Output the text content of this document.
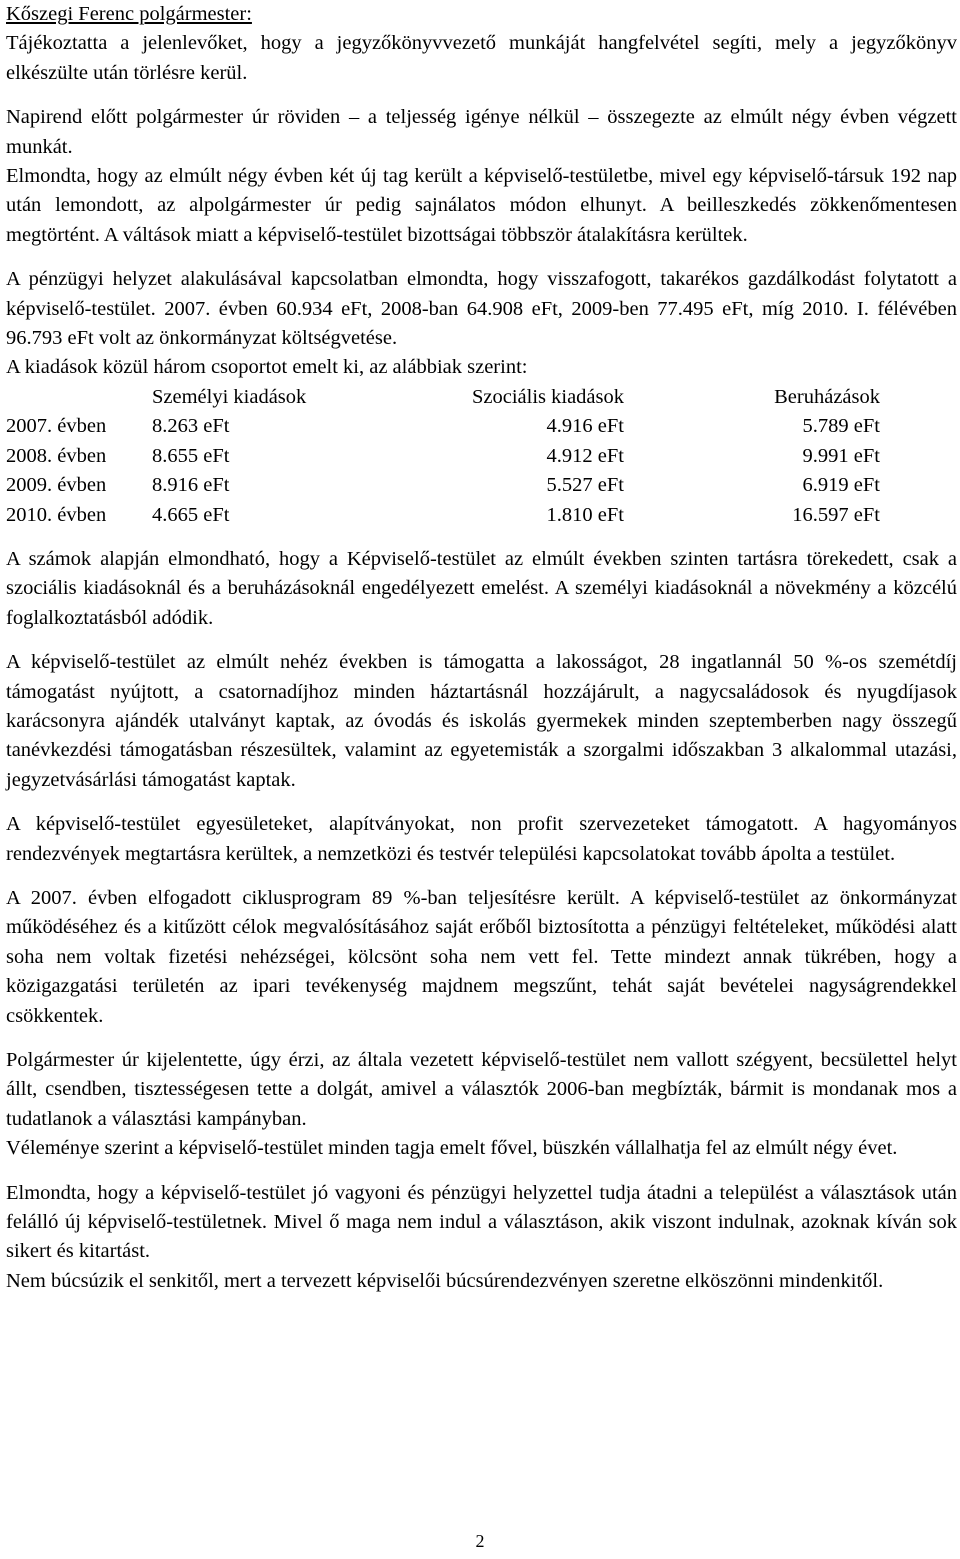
Kőszegi Ferenc polgármester:

Tájékoztatta a jelenlevőket, hogy a jegyzőkönyvvezető munkáját hangfelvétel segíti, mely a jegyzőkönyv elkészülte után törlésre kerül.

Napirend előtt polgármester úr röviden – a teljesség igénye nélkül – összegezte az elmúlt négy évben végzett munkát.

Elmondta, hogy az elmúlt négy évben két új tag került a képviselő-testületbe, mivel egy képviselő-társuk 192 nap után lemondott, az alpolgármester úr pedig sajnálatos módon elhunyt. A beilleszkedés zökkenőmentesen megtörtént. A váltások miatt a képviselő-testület bizottságai többször átalakításra kerültek.

A pénzügyi helyzet alakulásával kapcsolatban elmondta, hogy visszafogott, takarékos gazdálkodást folytatott a képviselő-testület. 2007. évben 60.934 eFt, 2008-ban 64.908 eFt, 2009-ben 77.495 eFt, míg 2010. I. félévében 96.793 eFt volt az önkormányzat költségvetése.

A kiadások közül három csoportot emelt ki, az alábbiak szerint:

	Személyi kiadások	Szociális kiadások	Beruházások
2007. évben	8.263 eFt	4.916 eFt	5.789 eFt
2008. évben	8.655 eFt	4.912 eFt	9.991 eFt
2009. évben	8.916 eFt	5.527 eFt	6.919 eFt
2010. évben	4.665 eFt	1.810 eFt	16.597 eFt

A számok alapján elmondható, hogy a Képviselő-testület az elmúlt években szinten tartásra törekedett, csak a szociális kiadásoknál és a beruházásoknál engedélyezett emelést. A személyi kiadásoknál a növekmény a közcélú foglalkoztatásból adódik.

A képviselő-testület az elmúlt nehéz években is támogatta a lakosságot, 28 ingatlannál 50 %-os szemétdíj támogatást nyújtott, a csatornadíjhoz minden háztartásnál hozzájárult, a nagycsaládosok és nyugdíjasok karácsonyra ajándék utalványt kaptak, az óvodás és iskolás gyermekek minden szeptemberben nagy összegű tanévkezdési támogatásban részesültek, valamint az egyetemisták a szorgalmi időszakban 3 alkalommal utazási, jegyzetvásárlási támogatást kaptak.

A képviselő-testület egyesületeket, alapítványokat, non profit szervezeteket támogatott. A hagyományos rendezvények megtartásra kerültek, a nemzetközi és testvér települési kapcsolatokat tovább ápolta a testület.

A 2007. évben elfogadott ciklusprogram 89 %-ban teljesítésre került. A képviselő-testület az önkormányzat működéséhez és a kitűzött célok megvalósításához saját erőből biztosította a pénzügyi feltételeket, működési alatt soha nem voltak fizetési nehézségei, kölcsönt soha nem vett fel. Tette mindezt annak tükrében, hogy a közigazgatási területén az ipari tevékenység majdnem megszűnt, tehát saját bevételei nagyságrendekkel csökkentek.

Polgármester úr kijelentette, úgy érzi, az általa vezetett képviselő-testület nem vallott szégyent, becsülettel helyt állt, csendben, tisztességesen tette a dolgát, amivel a választók 2006-ban megbízták, bármit is mondanak mos a tudatlanok a választási kampányban.

Véleménye szerint a képviselő-testület minden tagja emelt fővel, büszkén vállalhatja fel az elmúlt négy évet.

Elmondta, hogy a képviselő-testület jó vagyoni és pénzügyi helyzettel tudja átadni a települést a választások után felálló új képviselő-testületnek. Mivel ő maga nem indul a választáson, akik viszont indulnak, azoknak kíván sok sikert és kitartást.

Nem búcsúzik el senkitől, mert a tervezett képviselői búcsúrendezvényen szeretne elköszönni mindenkitől.

2
